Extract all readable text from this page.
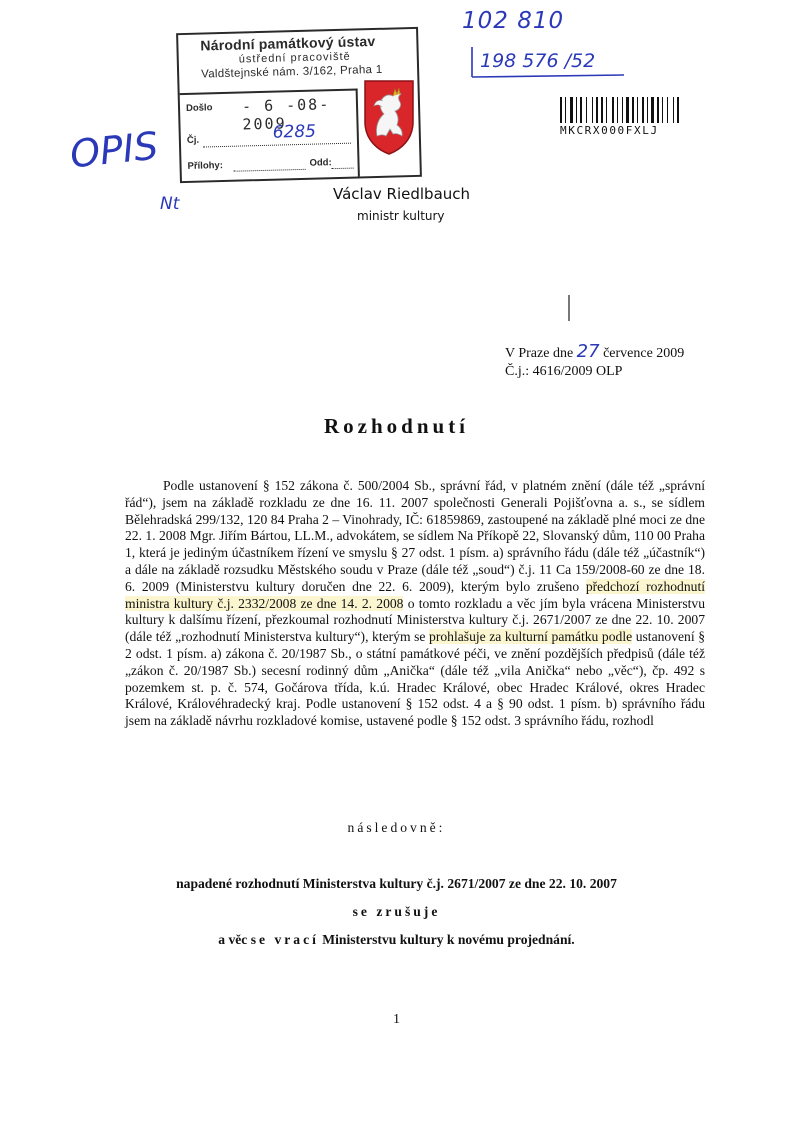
Národní památkový ústav
ústřední pracoviště
Valdštejnské nám. 3/162, Praha 1
Došlo - 6 -08- 2009
Čj.	6285
Přílohy:	Odd:
102 810
198 576 /52
OPIS
Nt
MKCRX000FXLJ
Václav Riedlbauch
ministr kultury
V Praze dne 27 července 2009
Č.j.: 4616/2009 OLP
Rozhodnutí
Podle ustanovení § 152 zákona č. 500/2004 Sb., správní řád, v platném znění (dále též „správní řád“), jsem na základě rozkladu ze dne 16. 11. 2007 společnosti Generali Pojišťovna a. s., se sídlem Bělehradská 299/132, 120 84 Praha 2 – Vinohrady, IČ: 61859869, zastoupené na základě plné moci ze dne 22. 1. 2008 Mgr. Jiřím Bártou, LL.M., advokátem, se sídlem Na Příkopě 22, Slovanský dům, 110 00 Praha 1, která je jediným účastníkem řízení ve smyslu § 27 odst. 1 písm. a) správního řádu (dále též „účastník“) a dále na základě rozsudku Městského soudu v Praze (dále též „soud“) č.j. 11 Ca 159/2008-60 ze dne 18. 6. 2009 (Ministerstvu kultury doručen dne 22. 6. 2009), kterým bylo zrušeno předchozí rozhodnutí ministra kultury č.j. 2332/2008 ze dne 14. 2. 2008 o tomto rozkladu a věc jím byla vrácena Ministerstvu kultury k dalšímu řízení, přezkoumal rozhodnutí Ministerstva kultury č.j. 2671/2007 ze dne 22. 10. 2007 (dále též „rozhodnutí Ministerstva kultury“), kterým se prohlašuje za kulturní památku podle ustanovení § 2 odst. 1 písm. a) zákona č. 20/1987 Sb., o státní památkové péči, ve znění pozdějších předpisů (dále též „zákon č. 20/1987 Sb.) secesní rodinný dům „Anička“ (dále též „vila Anička“ nebo „věc“), čp. 492 s pozemkem st. p. č. 574, Gočárova třída, k.ú. Hradec Králové, obec Hradec Králové, okres Hradec Králové, Královéhradecký kraj. Podle ustanovení § 152 odst. 4 a § 90 odst. 1 písm. b) správního řádu jsem na základě návrhu rozkladové komise, ustavené podle § 152 odst. 3 správního řádu, rozhodl
následovně:
napadené rozhodnutí Ministerstva kultury č.j. 2671/2007 ze dne 22. 10. 2007
se zrušuje
a věc se vrací Ministerstvu kultury k novému projednání.
1
